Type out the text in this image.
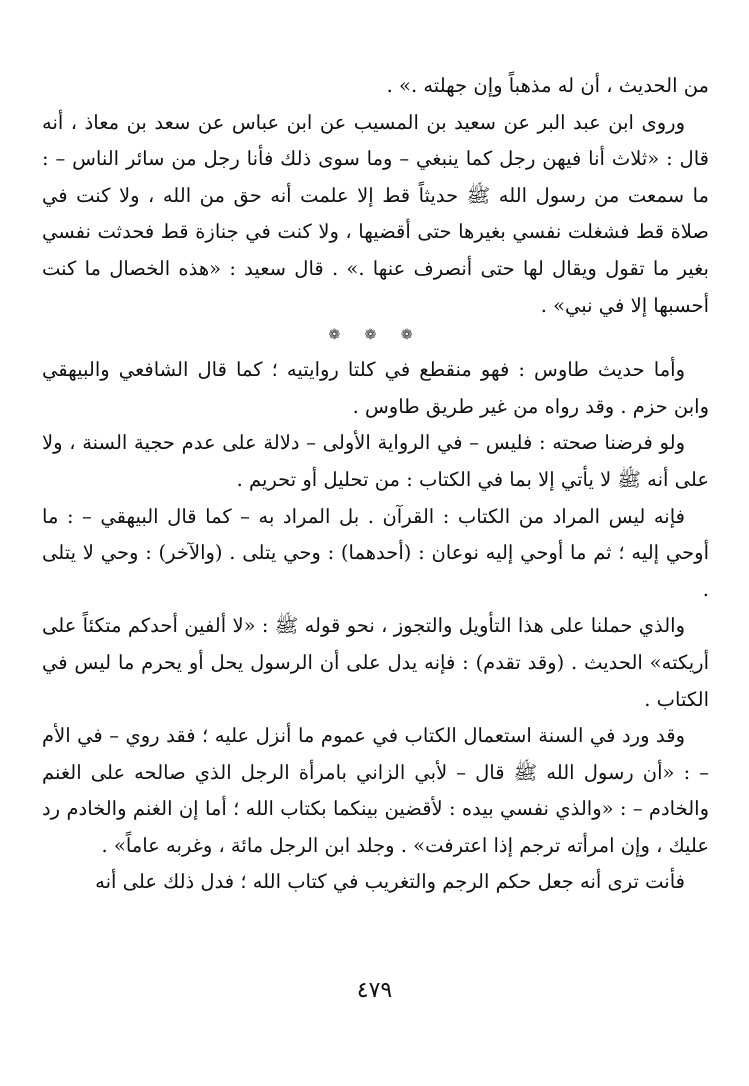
من الحديث ، أن له مذهباً وإن جهلته .» .

وروى ابن عبد البر عن سعيد بن المسيب عن ابن عباس عن سعد بن معاذ ، أنه قال : «ثلاث أنا فيهن رجل كما ينبغي – وما سوى ذلك فأنا رجل من سائر الناس – : ما سمعت من رسول الله ﷺ حديثاً قط إلا علمت أنه حق من الله ، ولا كنت في صلاة قط فشغلت نفسي بغيرها حتى أقضيها ، ولا كنت في جنازة قط فحدثت نفسي بغير ما تقول ويقال لها حتى أنصرف عنها .» . قال سعيد : «هذه الخصال ما كنت أحسبها إلا في نبي» .

❁ ❁ ❁

وأما حديث طاوس : فهو منقطع في كلتا روايتيه ؛ كما قال الشافعي والبيهقي وابن حزم . وقد رواه من غير طريق طاوس .

ولو فرضنا صحته : فليس – في الرواية الأولى – دلالة على عدم حجية السنة ، ولا على أنه ﷺ لا يأتي إلا بما في الكتاب : من تحليل أو تحريم .

فإنه ليس المراد من الكتاب : القرآن . بل المراد به – كما قال البيهقي – : ما أوحي إليه ؛ ثم ما أوحي إليه نوعان : (أحدهما) : وحي يتلى . (والآخر) : وحي لا يتلى .

والذي حملنا على هذا التأويل والتجوز ، نحو قوله ﷺ : «لا ألفين أحدكم متكئاً على أريكته» الحديث . (وقد تقدم) : فإنه يدل على أن الرسول يحل أو يحرم ما ليس في الكتاب .

وقد ورد في السنة استعمال الكتاب في عموم ما أنزل عليه ؛ فقد روي – في الأم – : «أن رسول الله ﷺ قال – لأبي الزاني بامرأة الرجل الذي صالحه على الغنم والخادم – : «والذي نفسي بيده : لأقضين بينكما بكتاب الله ؛ أما إن الغنم والخادم رد عليك ، وإن امرأته ترجم إذا اعترفت» . وجلد ابن الرجل مائة ، وغربه عاماً» .

فأنت ترى أنه جعل حكم الرجم والتغريب في كتاب الله ؛ فدل ذلك على أنه

٤٧٩
